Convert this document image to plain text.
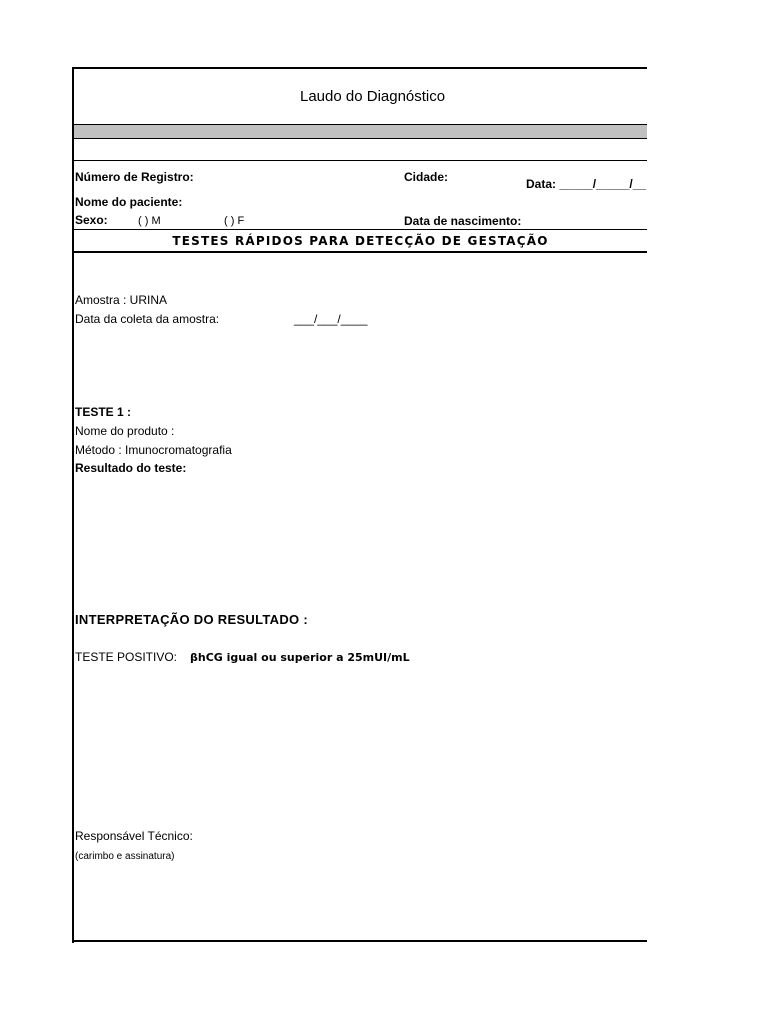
Laudo do Diagnóstico
Número de Registro:	Cidade:	Data: _____/_____/__
Nome do paciente:
Sexo:	( ) M	( ) F	Data de nascimento:
TESTES RÁPIDOS PARA DETECÇÃO DE GESTAÇÃO
Amostra : URINA
Data da coleta da amostra:	___/___/____
TESTE 1 :
Nome do produto :
Método : Imunocromatografia
Resultado do teste:
INTERPRETAÇÃO DO RESULTADO :
TESTE POSITIVO: βhCG igual ou superior a 25mUI/mL
Responsável Técnico:
(carimbo e assinatura)
